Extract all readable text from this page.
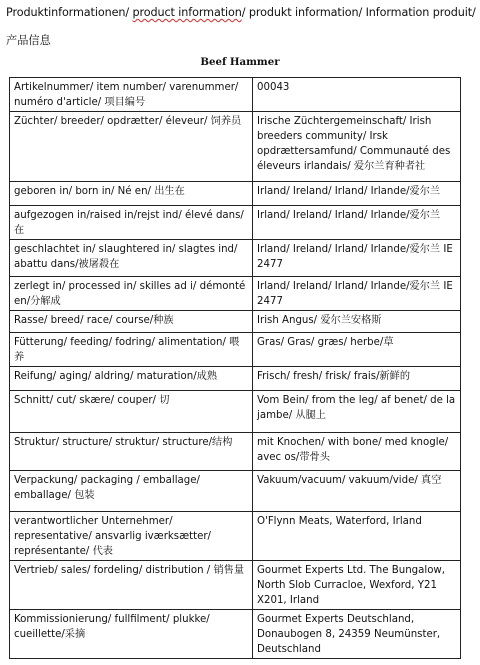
Produktinformationen/ product information/ produkt information/ Information produit/
产品信息
Beef Hammer
Artikelnummer/ item number/ varenummer/ numéro d'article/ 项目编号	00043
Züchter/ breeder/ opdrætter/ éleveur/ 饲养员	Irische Züchtergemeinschaft/ Irish breeders community/ Irsk opdrættersamfund/ Communauté des éleveurs irlandais/ 爱尔兰育种者社
geboren in/ born in/ Né en/ 出生在	Irland/ Ireland/ Irland/ Irlande/爱尔兰
aufgezogen in/raised in/rejst ind/ élevé dans/在	Irland/ Ireland/ Irland/ Irlande/爱尔兰
geschlachtet in/ slaughtered in/ slagtes ind/ abattu dans/被屠殺在	Irland/ Ireland/ Irland/ Irlande/爱尔兰 IE 2477
zerlegt in/ processed in/ skilles ad i/ démonté en/分解成	Irland/ Ireland/ Irland/ Irlande/爱尔兰 IE 2477
Rasse/ breed/ race/ course/种族	Irish Angus/ 爱尔兰安格斯
Fütterung/ feeding/ fodring/ alimentation/ 喂养	Gras/ Gras/ græs/ herbe/草
Reifung/ aging/ aldring/ maturation/成熟	Frisch/ fresh/ frisk/ frais/新鲜的
Schnitt/ cut/ skære/ couper/ 切	Vom Bein/ from the leg/ af benet/ de la jambe/ 从腿上
Struktur/ structure/ struktur/ structure/结构	mit Knochen/ with bone/ med knogle/ avec os/带骨头
Verpackung/ packaging / emballage/ emballage/ 包装	Vakuum/vacuum/ vakuum/vide/ 真空
verantwortlicher Unternehmer/ representative/ ansvarlig iværksætter/ représentante/ 代表	O'Flynn Meats, Waterford, Irland
Vertrieb/ sales/ fordeling/ distribution / 销售量	Gourmet Experts Ltd. The Bungalow, North Slob Curracloe, Wexford, Y21 X201, Irland
Kommissionierung/ fullfilment/ plukke/ cueillette/采摘	Gourmet Experts Deutschland, Donaubogen 8, 24359 Neumünster, Deutschland
